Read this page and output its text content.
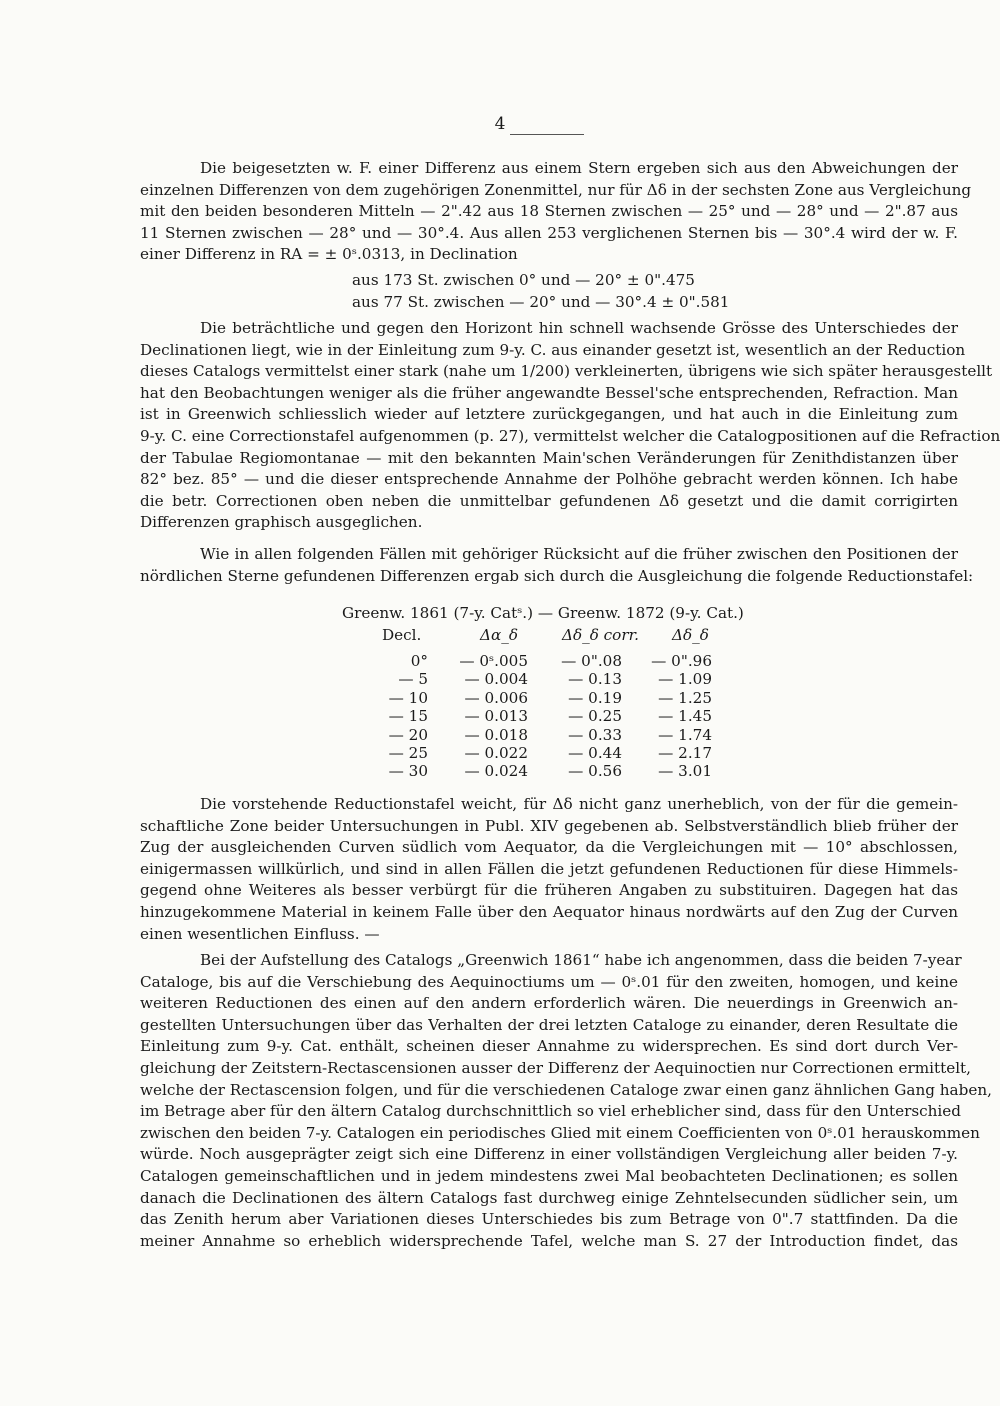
4
Die beigesetzten w. F. einer Differenz aus einem Stern ergeben sich aus den Abweichungen der
einzelnen Differenzen von dem zugehörigen Zonenmittel, nur für Δδ in der sechsten Zone aus Vergleichung
mit den beiden besonderen Mitteln — 2".42 aus 18 Sternen zwischen — 25° und — 28° und — 2".87 aus
11 Sternen zwischen — 28° und — 30°.4. Aus allen 253 verglichenen Sternen bis — 30°.4 wird der w. F.
einer Differenz in RA = ± 0ˢ.0313, in Declination
aus 173 St. zwischen 0° und — 20° ± 0".475
aus 77 St. zwischen — 20° und — 30°.4 ± 0".581
Die beträchtliche und gegen den Horizont hin schnell wachsende Grösse des Unterschiedes der
Declinationen liegt, wie in der Einleitung zum 9-y. C. aus einander gesetzt ist, wesentlich an der Reduction
dieses Catalogs vermittelst einer stark (nahe um 1/200) verkleinerten, übrigens wie sich später herausgestellt
hat den Beobachtungen weniger als die früher angewandte Bessel'sche entsprechenden, Refraction. Man
ist in Greenwich schliesslich wieder auf letztere zurückgegangen, und hat auch in die Einleitung zum
9-y. C. eine Correctionstafel aufgenommen (p. 27), vermittelst welcher die Catalogpositionen auf die Refraction
der Tabulae Regiomontanae — mit den bekannten Main'schen Veränderungen für Zenithdistanzen über
82° bez. 85° — und die dieser entsprechende Annahme der Polhöhe gebracht werden können. Ich habe
die betr. Correctionen oben neben die unmittelbar gefundenen Δδ gesetzt und die damit corrigirten
Differenzen graphisch ausgeglichen.
Wie in allen folgenden Fällen mit gehöriger Rücksicht auf die früher zwischen den Positionen der
nördlichen Sterne gefundenen Differenzen ergab sich durch die Ausgleichung die folgende Reductionstafel:
Greenw. 1861 (7-y. Catˢ.) — Greenw. 1872 (9-y. Cat.)
Decl.	Δα_δ	Δδ_δ corr. Δδ_δ
0°
— 5
— 10
— 15
— 20
— 25
— 30
— 0ˢ.005
— 0.004
— 0.006
— 0.013
— 0.018
— 0.022
— 0.024
— 0".08
— 0.13
— 0.19
— 0.25
— 0.33
— 0.44
— 0.56
— 0".96
— 1.09
— 1.25
— 1.45
— 1.74
— 2.17
— 3.01
Die vorstehende Reductionstafel weicht, für Δδ nicht ganz unerheblich, von der für die gemein-
schaftliche Zone beider Untersuchungen in Publ. XIV gegebenen ab. Selbstverständlich blieb früher der
Zug der ausgleichenden Curven südlich vom Aequator, da die Vergleichungen mit — 10° abschlossen,
einigermassen willkürlich, und sind in allen Fällen die jetzt gefundenen Reductionen für diese Himmels-
gegend ohne Weiteres als besser verbürgt für die früheren Angaben zu substituiren. Dagegen hat das
hinzugekommene Material in keinem Falle über den Aequator hinaus nordwärts auf den Zug der Curven
einen wesentlichen Einfluss. —
Bei der Aufstellung des Catalogs „Greenwich 1861“ habe ich angenommen, dass die beiden 7-year
Cataloge, bis auf die Verschiebung des Aequinoctiums um — 0ˢ.01 für den zweiten, homogen, und keine
weiteren Reductionen des einen auf den andern erforderlich wären. Die neuerdings in Greenwich an-
gestellten Untersuchungen über das Verhalten der drei letzten Cataloge zu einander, deren Resultate die
Einleitung zum 9-y. Cat. enthält, scheinen dieser Annahme zu widersprechen. Es sind dort durch Ver-
gleichung der Zeitstern-Rectascensionen ausser der Differenz der Aequinoctien nur Correctionen ermittelt,
welche der Rectascension folgen, und für die verschiedenen Cataloge zwar einen ganz ähnlichen Gang haben,
im Betrage aber für den ältern Catalog durchschnittlich so viel erheblicher sind, dass für den Unterschied
zwischen den beiden 7-y. Catalogen ein periodisches Glied mit einem Coefficienten von 0ˢ.01 herauskommen
würde. Noch ausgeprägter zeigt sich eine Differenz in einer vollständigen Vergleichung aller beiden 7-y.
Catalogen gemeinschaftlichen und in jedem mindestens zwei Mal beobachteten Declinationen; es sollen
danach die Declinationen des ältern Catalogs fast durchweg einige Zehntelsecunden südlicher sein, um
das Zenith herum aber Variationen dieses Unterschiedes bis zum Betrage von 0".7 stattfinden. Da die
meiner Annahme so erheblich widersprechende Tafel, welche man S. 27 der Introduction findet, das
